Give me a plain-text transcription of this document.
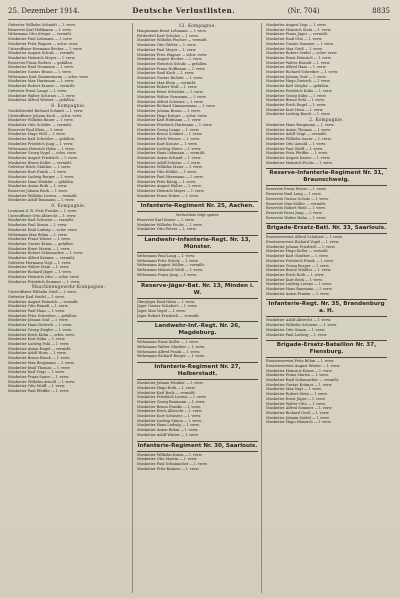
25. Dezember 1914.	Deutsche Verlustlisten.	(Nr. 704)	8835
Gefreiter Wilhelm Schmidt — l. verw.
Reservist Karl Hoffmann — l. verw.
Wehrmann Otto Krüger — vermißt.
Musketier Paul Lehmann — l. verw.
Musketier Fritz Wagner — schw. verw.
Unteroffizier Hermann Becker — l. verw.
Musketier August Schulz — vermißt.
Musketier Heinrich Meyer — l. verw.
Reservist Franz Richter — gefallen.
Musketier Emil Neumann — l. verw.
Musketier Gustav Braun — l. verw.
Wehrmann Karl Zimmermann — schw. verw.
Musketier Max Hartmann — l. verw.
Musketier Robert Krause — vermißt.
Gefreiter Ernst Lange — l. verw.
Musketier Walter Schwarz — l. verw.
Musketier Alfred Werner — gefallen.
8. Kompagnie.
Vizefeldwebel Richard Schmitt — l. verw.
Unteroffizier Johann Koch — schw. verw.
Musketier Wilhelm Bauer — l. verw.
Musketier Otto Schäfer — vermißt.
Reservist Paul Klein — l. verw.
Musketier Hugo Wolf — l. verw.
Musketier Karl Schröder — gefallen.
Musketier Friedrich Jung — l. verw.
Wehrmann Heinrich Hahn — l. verw.
Musketier Georg Vogel — schw. verw.
Musketier August Friedrich — l. verw.
Musketier Bruno Keller — vermißt.
Gefreiter Erich Günther — l. verw.
Musketier Kurt Frank — l. verw.
Musketier Ludwig Berger — l. verw.
Musketier Hans Winkler — gefallen.
Musketier Anton Roth — l. verw.
Reservist Johann Beck — l. verw.
Musketier Wilhelm Lorenz — vermißt.
Musketier Adolf Baumann — l. verw.
9. Kompagnie.
Leutnant d. R. Fritz Franke — l. verw.
Unteroffizier Otto Albrecht — l. verw.
Musketier Karl Schuster — vermißt.
Musketier Paul Simon — l. verw.
Musketier Emil Ludwig — schw. verw.
Wehrmann Max Böhm — l. verw.
Musketier Franz Winter — l. verw.
Musketier Gustav Kraus — gefallen.
Musketier Ernst Martin — l. verw.
Musketier Robert Schumacher — l. verw.
Musketier Alfred Krämer — vermißt.
Gefreiter Hermann Vogt — l. verw.
Musketier Walter Stein — l. verw.
Musketier Richard Jäger — l. verw.
Musketier Heinrich Otto — schw. verw.
Musketier Friedrich Sommer — l. verw.
Maschinengewehr-Kompagnie.
Unteroffizier Wilhelm Groß — l. verw.
Gefreiter Karl Seidel — l. verw.
Musketier August Heinrich — vermißt.
Musketier Otto Brandt — l. verw.
Musketier Paul Haas — l. verw.
Musketier Fritz Schreiber — gefallen.
Musketier Johann Graf — l. verw.
Musketier Hans Dietrich — l. verw.
Musketier Georg Ziegler — l. verw.
Musketier Erich Kuhn — schw. verw.
Musketier Kurt Kühn — l. verw.
Musketier Ludwig Pohl — l. verw.
Musketier Anton Engel — vermißt.
Musketier Adolf Horn — l. verw.
Musketier Bruno Busch — l. verw.
Musketier Max Bergmann — l. verw.
Musketier Emil Thomas — l. verw.
Musketier Karl Voigt — l. verw.
Musketier Franz Sauer — l. verw.
Musketier Wilhelm Arnold — l. verw.
Musketier Otto Wolff — l. verw.
Musketier Paul Pfeiffer — l. verw.
12. Kompagnie.
Hauptmann Ernst Lehmann — l. verw.
Feldwebel Karl Schulze — l. verw.
Musketier Wilhelm Fischer — vermißt.
Musketier Otto Weber — l. verw.
Musketier Paul Meyer — l. verw.
Musketier Fritz Wagner — schw. verw.
Musketier August Becker — l. verw.
Musketier Heinrich Schulz — gefallen.
Musketier Franz Hoffmann — l. verw.
Musketier Emil Koch — l. verw.
Musketier Gustav Richter — l. verw.
Musketier Max Klein — vermißt.
Musketier Robert Wolf — l. verw.
Musketier Ernst Schröder — l. verw.
Musketier Walter Neumann — l. verw.
Musketier Alfred Schwarz — l. verw.
Musketier Richard Zimmermann — l. verw.
Musketier Johann Braun — l. verw.
Musketier Hugo Krüger — schw. verw.
Musketier Karl Hofmann — l. verw.
Musketier Friedrich Hartmann — l. verw.
Musketier Georg Lange — l. verw.
Musketier Bruno Schmitt — l. verw.
Musketier Erich Werner — l. verw.
Musketier Kurt Krause — l. verw.
Musketier Ludwig Meier — l. verw.
Musketier Hans Lehmann — vermißt.
Musketier Anton Schmid — l. verw.
Musketier Adolf Schulze — l. verw.
Musketier Wilhelm Maier — l. verw.
Musketier Otto Köhler — l. verw.
Musketier Paul Herrmann — l. verw.
Musketier Fritz König — l. verw.
Musketier August Walter — l. verw.
Musketier Heinrich Mayer — l. verw.
Musketier Franz Huber — l. verw.
Infanterie-Regiment Nr. 25, Aachen.
Verlustliste folgt später.
Reservist Karl Kaiser — l. verw.
Musketier Wilhelm Fuchs — l. verw.
Musketier Otto Peters — l. verw.
Landwehr-Infanterie-Regt. Nr. 13, Münster.
Wehrmann Paul Lang — l. verw.
Wehrmann Fritz Scholz — l. verw.
Wehrmann August Möller — vermißt.
Wehrmann Heinrich Weiß — l. verw.
Wehrmann Franz Jung — l. verw.
Reserve-Jäger-Bat. Nr. 13, Minden i. W.
Oberjäger Emil Hahn — l. verw.
Jäger Gustav Schubert — l. verw.
Jäger Max Vogel — l. verw.
Jäger Robert Friedrich — vermißt.
Landwehr-Inf.-Regt. Nr. 26, Magdeburg.
Wehrmann Ernst Keller — l. verw.
Wehrmann Walter Günther — l. verw.
Wehrmann Alfred Frank — l. verw.
Wehrmann Richard Berger — l. verw.
Infanterie-Regiment Nr. 27, Halberstadt.
Musketier Johann Winkler — l. verw.
Musketier Hugo Roth — l. verw.
Musketier Karl Beck — vermißt.
Musketier Friedrich Lorenz — l. verw.
Musketier Georg Baumann — l. verw.
Musketier Bruno Franke — l. verw.
Musketier Erich Albrecht — l. verw.
Musketier Kurt Schuster — l. verw.
Musketier Ludwig Simon — l. verw.
Musketier Hans Ludwig — l. verw.
Musketier Anton Böhm — l. verw.
Musketier Adolf Winter — l. verw.
Infanterie-Regiment Nr. 30, Saarlouis.
Musketier Wilhelm Kraus — l. verw.
Musketier Otto Martin — l. verw.
Musketier Paul Schumacher — l. verw.
Musketier Fritz Krämer — l. verw.
Musketier August Vogt — l. verw.
Musketier Heinrich Stein — l. verw.
Musketier Franz Jäger — vermißt.
Musketier Emil Otto — l. verw.
Musketier Gustav Sommer — l. verw.
Musketier Max Groß — l. verw.
Musketier Robert Seidel — schw. verw.
Musketier Ernst Heinrich — l. verw.
Musketier Walter Brandt — l. verw.
Musketier Alfred Haas — l. verw.
Musketier Richard Schreiber — l. verw.
Musketier Johann Graf — l. verw.
Musketier Hugo Dietrich — l. verw.
Musketier Karl Ziegler — gefallen.
Musketier Friedrich Kuhn — l. verw.
Musketier Georg Kühn — l. verw.
Musketier Bruno Pohl — l. verw.
Musketier Erich Engel — l. verw.
Musketier Kurt Horn — l. verw.
Musketier Ludwig Busch — l. verw.
2. Kompagnie.
Musketier Hans Bergmann — l. verw.
Musketier Anton Thomas — l. verw.
Musketier Adolf Voigt — vermißt.
Musketier Wilhelm Sauer — l. verw.
Musketier Otto Arnold — l. verw.
Musketier Paul Wolff — l. verw.
Musketier Fritz Pfeiffer — l. verw.
Musketier August Kaiser — l. verw.
Musketier Heinrich Fuchs — l. verw.
Reserve-Infanterie-Regiment Nr. 31, Braunschweig.
Reservist Franz Peters — l. verw.
Reservist Emil Lang — l. verw.
Reservist Gustav Scholz — l. verw.
Reservist Max Möller — vermißt.
Reservist Robert Weiß — l. verw.
Reservist Ernst Jung — l. verw.
Reservist Walter Hahn — l. verw.
Brigade-Ersatz-Batl. Nr. 33, Saarlouis.
Ersatzreservist Alfred Schubert — l. verw.
Ersatzreservist Richard Vogel — l. verw.
Musketier Johann Friedrich — l. verw.
Musketier Hugo Keller — vermißt.
Musketier Karl Günther — l. verw.
Musketier Friedrich Frank — l. verw.
Musketier Georg Berger — l. verw.
Musketier Bruno Winkler — l. verw.
Musketier Erich Roth — l. verw.
Musketier Kurt Beck — l. verw.
Musketier Ludwig Lorenz — l. verw.
Musketier Hans Baumann — l. verw.
Musketier Anton Franke — l. verw.
Infanterie-Regt. Nr. 35, Brandenburg a. H.
Musketier Adolf Albrecht — l. verw.
Musketier Wilhelm Schuster — l. verw.
Musketier Otto Simon — l. verw.
Musketier Paul Ludwig — l. verw.
Brigade-Ersatz-Bataillon Nr. 37, Flensburg.
Ersatzreservist Fritz Böhm — l. verw.
Ersatzreservist August Winter — l. verw.
Musketier Heinrich Kraus — l. verw.
Musketier Franz Martin — l. verw.
Musketier Emil Schumacher — vermißt.
Musketier Gustav Krämer — l. verw.
Musketier Max Vogt — l. verw.
Musketier Robert Stein — l. verw.
Musketier Ernst Jäger — l. verw.
Musketier Walter Otto — l. verw.
Musketier Alfred Sommer — l. verw.
Musketier Richard Groß — l. verw.
Musketier Johann Seidel — l. verw.
Musketier Hugo Heinrich — l. verw.
